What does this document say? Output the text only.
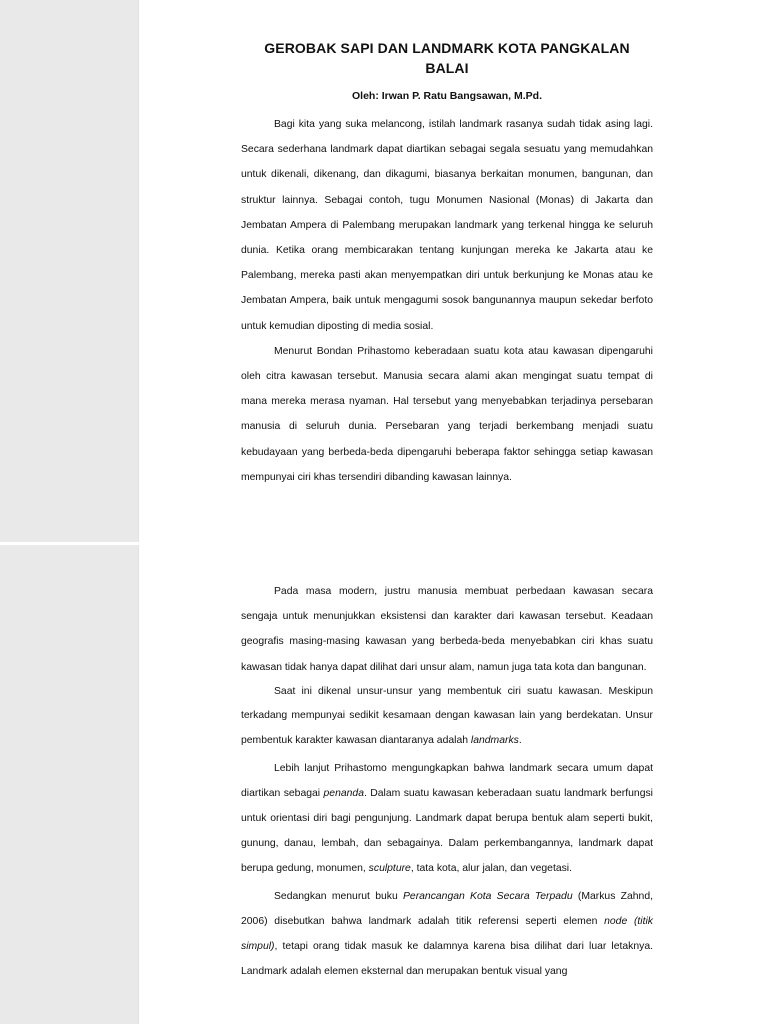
GEROBAK SAPI DAN LANDMARK KOTA PANGKALAN BALAI
Oleh: Irwan P. Ratu Bangsawan, M.Pd.

Bagi kita yang suka melancong, istilah landmark rasanya sudah tidak asing lagi. Secara sederhana landmark dapat diartikan sebagai segala sesuatu yang memudahkan untuk dikenali, dikenang, dan dikagumi, biasanya berkaitan monumen, bangunan, dan struktur lainnya. Sebagai contoh, tugu Monumen Nasional (Monas) di Jakarta dan Jembatan Ampera di Palembang merupakan landmark yang terkenal hingga ke seluruh dunia. Ketika orang membicarakan tentang kunjungan mereka ke Jakarta atau ke Palembang, mereka pasti akan menyempatkan diri untuk berkunjung ke Monas atau ke Jembatan Ampera, baik untuk mengagumi sosok bangunannya maupun sekedar berfoto untuk kemudian diposting di media sosial.

Menurut Bondan Prihastomo keberadaan suatu kota atau kawasan dipengaruhi oleh citra kawasan tersebut. Manusia secara alami akan mengingat suatu tempat di mana mereka merasa nyaman. Hal tersebut yang menyebabkan terjadinya persebaran manusia di seluruh dunia. Persebaran yang terjadi berkembang menjadi suatu kebudayaan yang berbeda-beda dipengaruhi beberapa faktor sehingga setiap kawasan mempunyai ciri khas tersendiri dibanding kawasan lainnya.

Pada masa modern, justru manusia membuat perbedaan kawasan secara sengaja untuk menunjukkan eksistensi dan karakter dari kawasan tersebut. Keadaan geografis masing-masing kawasan yang berbeda-beda menyebabkan ciri khas suatu kawasan tidak hanya dapat dilihat dari unsur alam, namun juga tata kota dan bangunan.

Saat ini dikenal unsur-unsur yang membentuk ciri suatu kawasan. Meskipun terkadang mempunyai sedikit kesamaan dengan kawasan lain yang berdekatan. Unsur pembentuk karakter kawasan diantaranya adalah landmarks.

Lebih lanjut Prihastomo mengungkapkan bahwa landmark secara umum dapat diartikan sebagai penanda. Dalam suatu kawasan keberadaan suatu landmark berfungsi untuk orientasi diri bagi pengunjung. Landmark dapat berupa bentuk alam seperti bukit, gunung, danau, lembah, dan sebagainya. Dalam perkembangannya, landmark dapat berupa gedung, monumen, sculpture, tata kota, alur jalan, dan vegetasi.

Sedangkan menurut buku Perancangan Kota Secara Terpadu (Markus Zahnd, 2006) disebutkan bahwa landmark adalah titik referensi seperti elemen node (titik simpul), tetapi orang tidak masuk ke dalamnya karena bisa dilihat dari luar letaknya. Landmark adalah elemen eksternal dan merupakan bentuk visual yang
